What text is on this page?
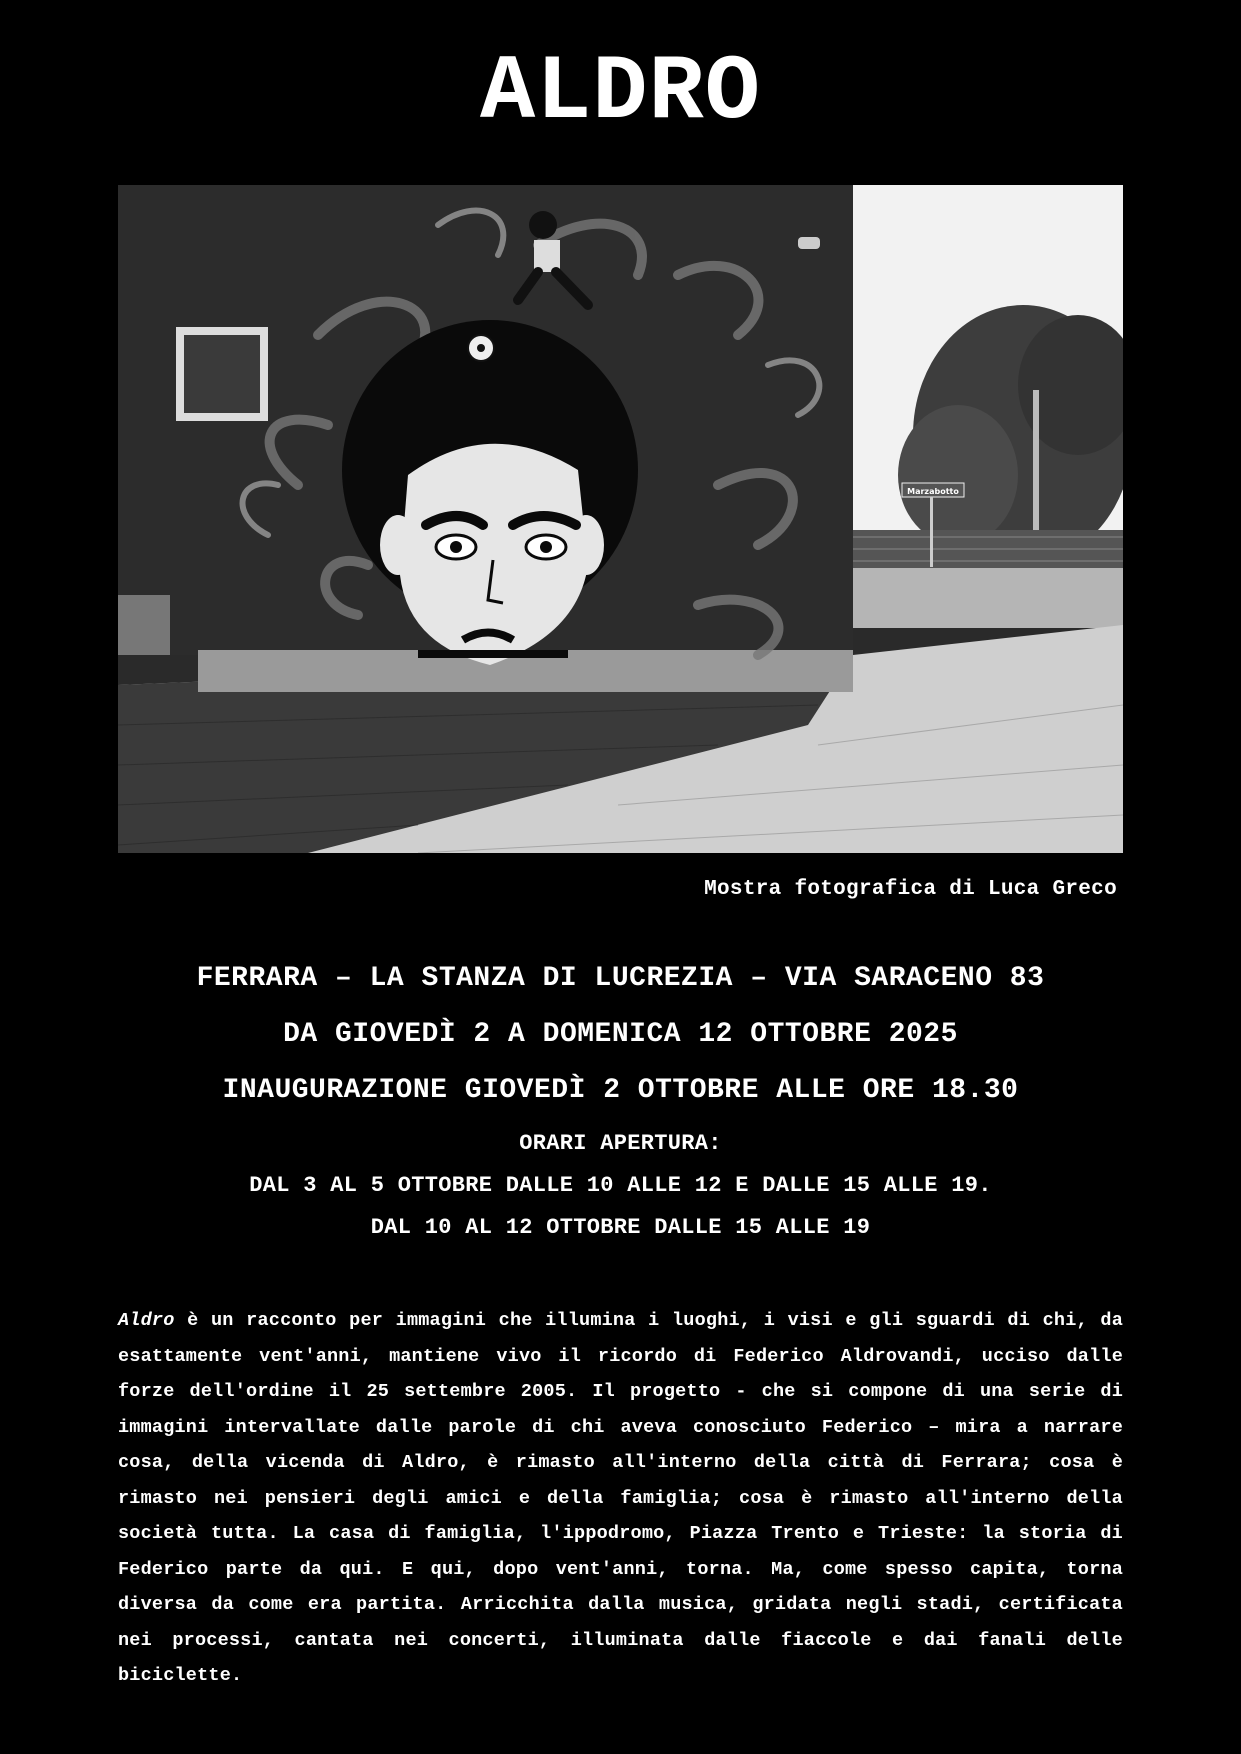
ALDRO
Marzabotto
Mostra fotografica di Luca Greco
FERRARA – LA STANZA DI LUCREZIA – VIA SARACENO 83
DA GIOVEDÌ 2 A DOMENICA 12 OTTOBRE 2025
INAUGURAZIONE GIOVEDÌ 2 OTTOBRE ALLE ORE 18.30
ORARI APERTURA:
DAL 3 AL 5 OTTOBRE DALLE 10 ALLE 12 E DALLE 15 ALLE 19.
DAL 10 AL 12 OTTOBRE DALLE 15 ALLE 19
Aldro è un racconto per immagini che illumina i luoghi, i visi e gli sguardi di chi, da esattamente vent'anni, mantiene vivo il ricordo di Federico Aldrovandi, ucciso dalle forze dell'ordine il 25 settembre 2005. Il progetto - che si compone di una serie di immagini intervallate dalle parole di chi aveva conosciuto Federico – mira a narrare cosa, della vicenda di Aldro, è rimasto all'interno della città di Ferrara; cosa è rimasto nei pensieri degli amici e della famiglia; cosa è rimasto all'interno della società tutta. La casa di famiglia, l'ippodromo, Piazza Trento e Trieste: la storia di Federico parte da qui. E qui, dopo vent'anni, torna. Ma, come spesso capita, torna diversa da come era partita. Arricchita dalla musica, gridata negli stadi, certificata nei processi, cantata nei concerti, illuminata dalle fiaccole e dai fanali delle biciclette.
